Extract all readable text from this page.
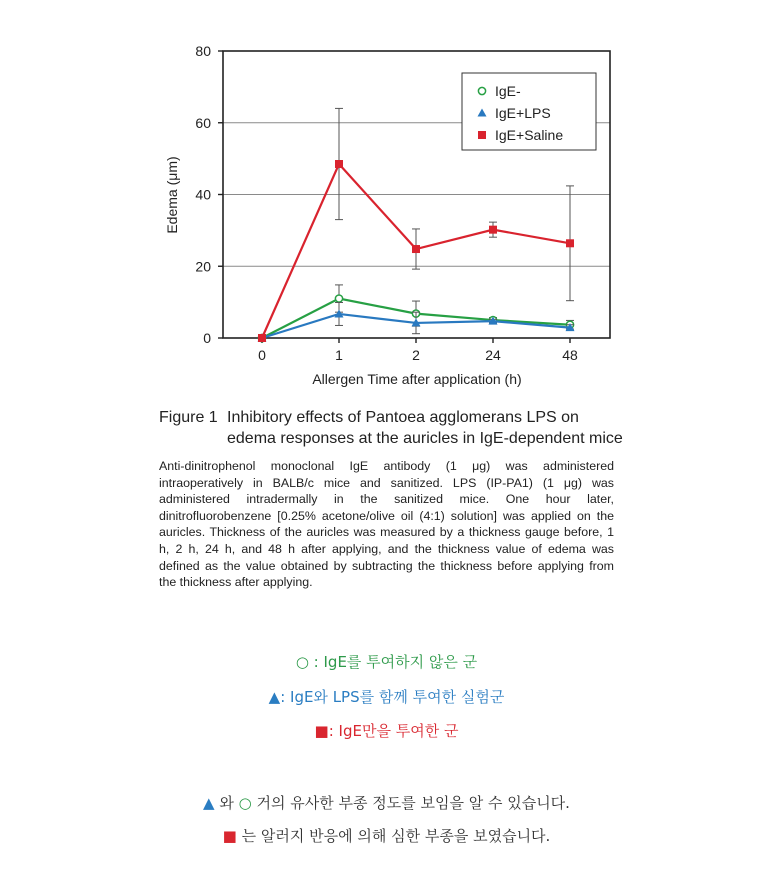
0
20
40
60
80
0	1	2	24	48
Allergen Time after application (h)
Edema (μm)
IgE-
IgE+LPS
IgE+Saline
Figure 1 Inhibitory effects of Pantoea agglomerans LPS on
edema responses at the auricles in IgE-dependent mice
Anti-dinitrophenol monoclonal IgE antibody (1 μg) was administered intraoperatively in BALB/c mice and sanitized. LPS (IP-PA1) (1 μg) was administered intradermally in the sanitized mice. One hour later, dinitrofluorobenzene [0.25% acetone/olive oil (4:1) solution] was applied on the auricles. Thickness of the auricles was measured by a thickness gauge before, 1 h, 2 h, 24 h, and 48 h after applying, and the thickness value of edema was defined as the value obtained by subtracting the thickness before applying from the thickness after applying.
○ : IgE를 투여하지 않은 군
▲: IgE와 LPS를 함께 투여한 실험군
■: IgE만을 투여한 군
▲ 와 ○ 거의 유사한 부종 정도를 보임을 알 수 있습니다.
■ 는 알러지 반응에 의해 심한 부종을 보였습니다.
